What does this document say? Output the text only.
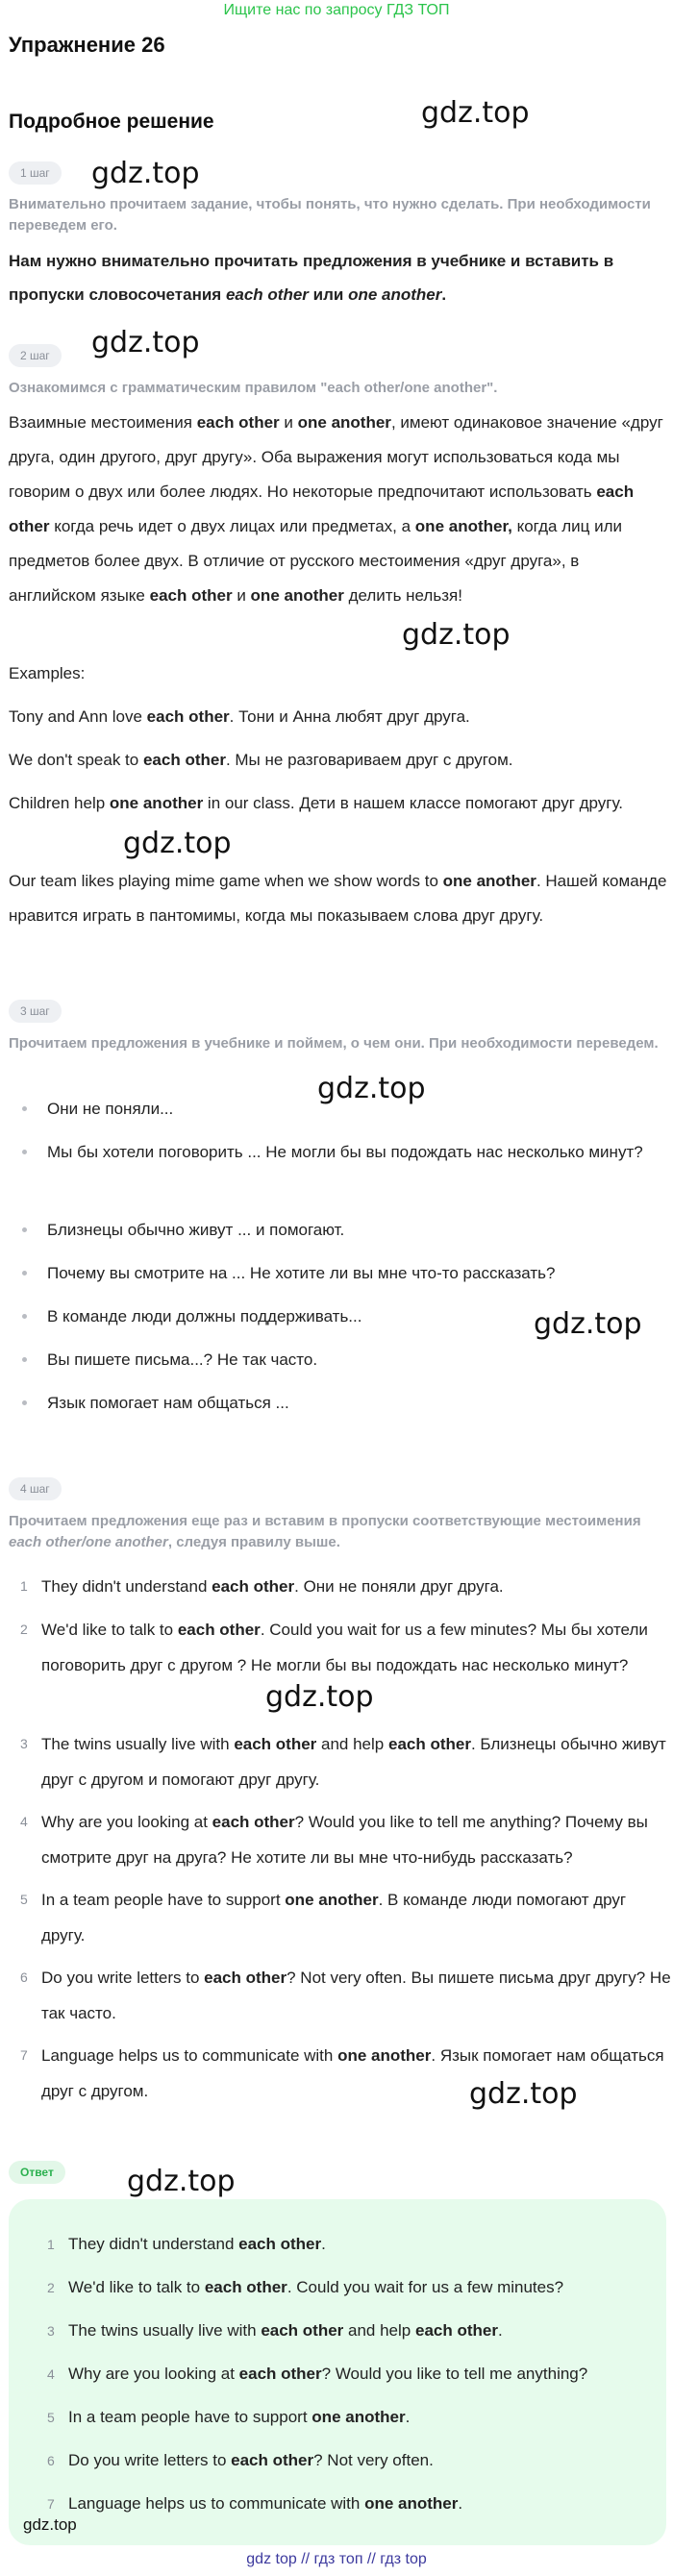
Ищите нас по запросу ГДЗ ТОП
Упражнение 26
Подробное решение	gdz.top
gdz.top
gdz.top
gdz.top
gdz.top
gdz.top
gdz.top
gdz.top
gdz.top
gdz.top
1 шаг
Внимательно прочитаем задание, чтобы понять, что нужно сделать. При необходимости переведем его.
Нам нужно внимательно прочитать предложения в учебнике и вставить в пропуски словосочетания each other или one another.
2 шаг
Ознакомимся с грамматическим правилом "each other/one another".
Взаимные местоимения each other и one another, имеют одинаковое значение «друг друга, один другого, друг другу». Оба выражения могут использоваться кода мы говорим о двух или более людях. Но некоторые предпочитают использовать each other когда речь идет о двух лицах или предметах, а one another, когда лиц или предметов более двух. В отличие от русского местоимения «друг друга», в английском языке each other и one another делить нельзя!
Examples:
Tony and Ann love each other. Тони и Анна любят друг друга.
We don't speak to each other. Мы не разговариваем друг с другом.
Children help one another in our class. Дети в нашем классе помогают друг другу.
Our team likes playing mime game when we show words to one another. Нашей команде нравится играть в пантомимы, когда мы показываем слова друг другу.
3 шаг
Прочитаем предложения в учебнике и поймем, о чем они. При необходимости переведем.
Они не поняли...
Мы бы хотели поговорить ... Не могли бы вы подождать нас несколько минут?
Близнецы обычно живут ... и помогают.
Почему вы смотрите на ... Не хотите ли вы мне что-то рассказать?
В команде люди должны поддерживать...
Вы пишете письма...? Не так часто.
Язык помогает нам общаться ...
4 шаг
Прочитаем предложения еще раз и вставим в пропуски соответствующие местоимения each other/one another, следуя правилу выше.
1 They didn't understand each other. Они не поняли друг друга.
2 We'd like to talk to each other. Could you wait for us a few minutes? Мы бы хотели поговорить друг с другом ? Не могли бы вы подождать нас несколько минут?
3 The twins usually live with each other and help each other. Близнецы обычно живут друг с другом и помогают друг другу.
4 Why are you looking at each other? Would you like to tell me anything? Почему вы смотрите друг на друга? Не хотите ли вы мне что-нибудь рассказать?
5 In a team people have to support one another. В команде люди помогают друг другу.
6 Do you write letters to each other? Not very often. Вы пишете письма друг другу? Не так часто.
7 Language helps us to communicate with one another. Язык помогает нам общаться друг с другом.
Ответ
1 They didn't understand each other.
2 We'd like to talk to each other. Could you wait for us a few minutes?
3 The twins usually live with each other and help each other.
4 Why are you looking at each other? Would you like to tell me anything?
5 In a team people have to support one another.
6 Do you write letters to each other? Not very often.
7 Language helps us to communicate with one another.
gdz.top
gdz top // гдз топ // гдз top
